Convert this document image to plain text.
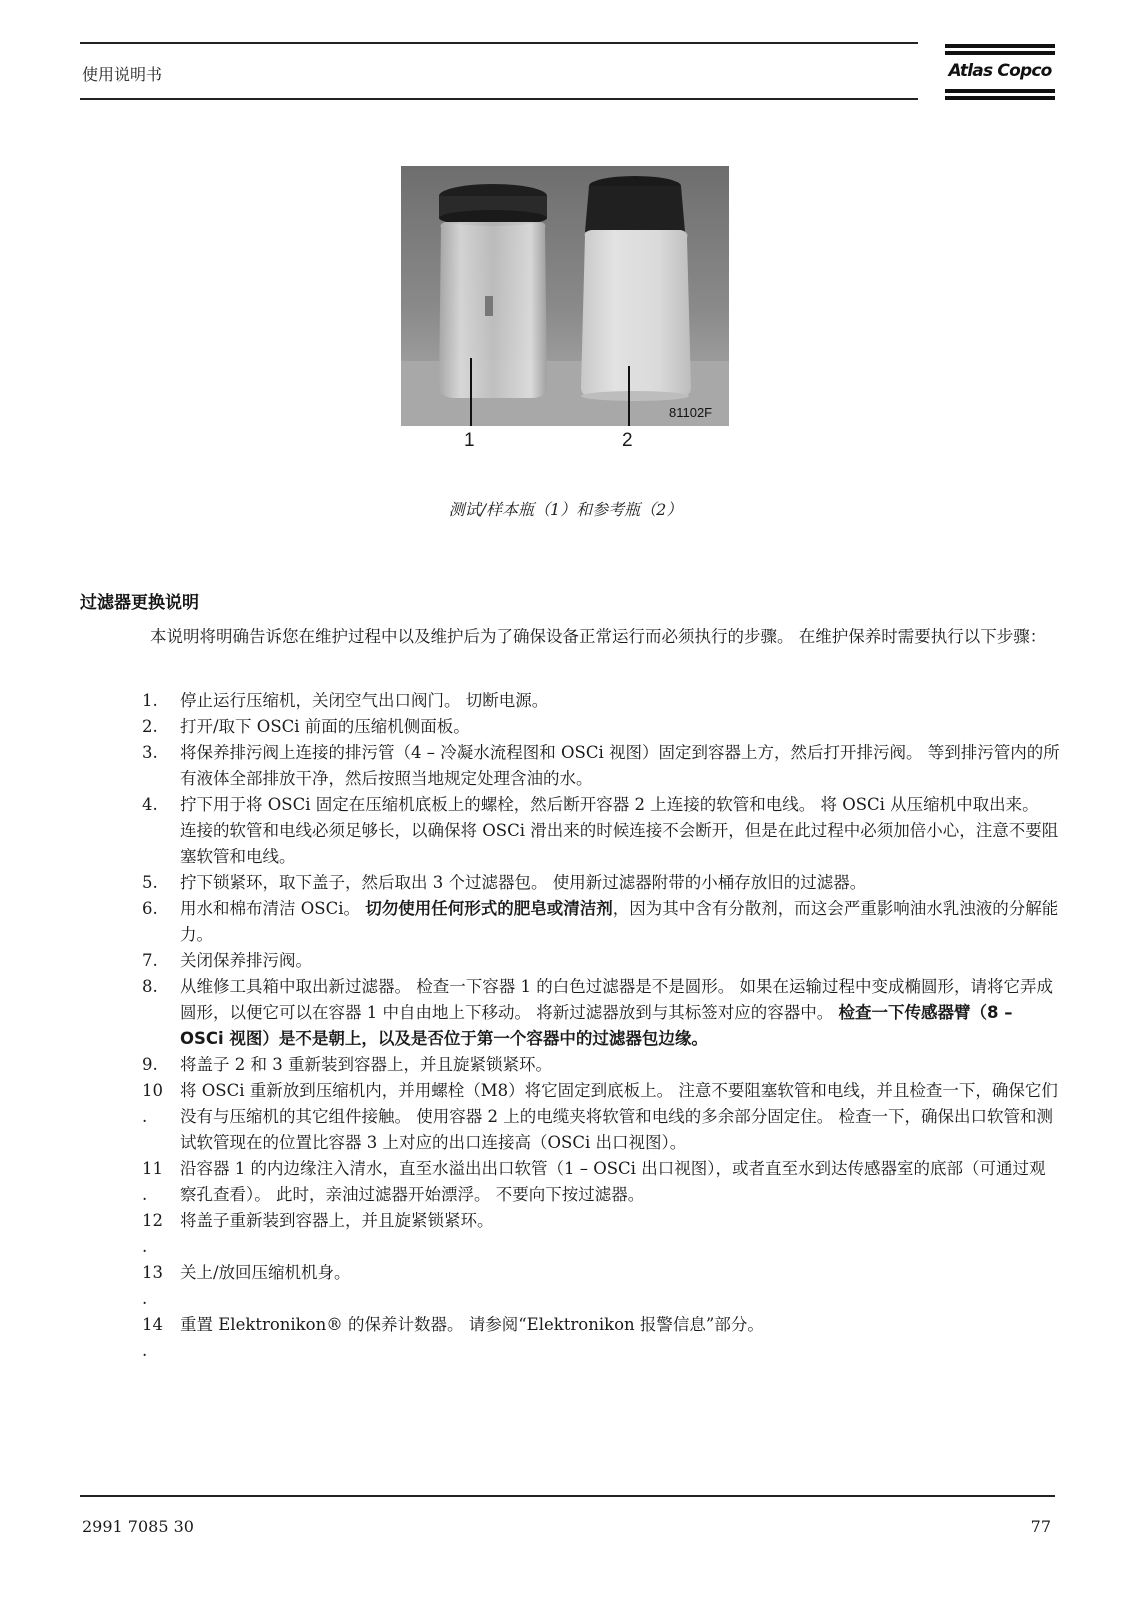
使用说明书	Atlas Copco
81102F
1	2
测试/样本瓶（1）和参考瓶（2）
过滤器更换说明
本说明将明确告诉您在维护过程中以及维护后为了确保设备正常运行而必须执行的步骤。 在维护保养时需要执行以下步骤：
1.	停止运行压缩机，关闭空气出口阀门。 切断电源。
2.	打开/取下 OSCi 前面的压缩机侧面板。
3.	将保养排污阀上连接的排污管（4 – 冷凝水流程图和 OSCi 视图）固定到容器上方，然后打开排污阀。 等到排污管内的所有液体全部排放干净，然后按照当地规定处理含油的水。
4.	拧下用于将 OSCi 固定在压缩机底板上的螺栓，然后断开容器 2 上连接的软管和电线。 将 OSCi 从压缩机中取出来。 连接的软管和电线必须足够长，以确保将 OSCi 滑出来的时候连接不会断开，但是在此过程中必须加倍小心，注意不要阻塞软管和电线。
5.	拧下锁紧环，取下盖子，然后取出 3 个过滤器包。 使用新过滤器附带的小桶存放旧的过滤器。
6.	用水和棉布清洁 OSCi。 切勿使用任何形式的肥皂或清洁剂，因为其中含有分散剂，而这会严重影响油水乳浊液的分解能力。
7.	关闭保养排污阀。
8.	从维修工具箱中取出新过滤器。 检查一下容器 1 的白色过滤器是不是圆形。 如果在运输过程中变成椭圆形，请将它弄成圆形，以便它可以在容器 1 中自由地上下移动。 将新过滤器放到与其标签对应的容器中。 检查一下传感器臂（8 – OSCi 视图）是不是朝上，以及是否位于第一个容器中的过滤器包边缘。
9.	将盖子 2 和 3 重新装到容器上，并且旋紧锁紧环。
10
.
将 OSCi 重新放到压缩机内，并用螺栓（M8）将它固定到底板上。 注意不要阻塞软管和电线，并且检查一下，确保它们没有与压缩机的其它组件接触。 使用容器 2 上的电缆夹将软管和电线的多余部分固定住。 检查一下，确保出口软管和测试软管现在的位置比容器 3 上对应的出口连接高（OSCi 出口视图）。
11
.
沿容器 1 的内边缘注入清水，直至水溢出出口软管（1 – OSCi 出口视图），或者直至水到达传感器室的底部（可通过观察孔查看）。 此时，亲油过滤器开始漂浮。 不要向下按过滤器。
12
.
将盖子重新装到容器上，并且旋紧锁紧环。
13
.
关上/放回压缩机机身。
14
.
重置 Elektronikon® 的保养计数器。 请参阅“Elektronikon 报警信息”部分。
2991 7085 30	77
